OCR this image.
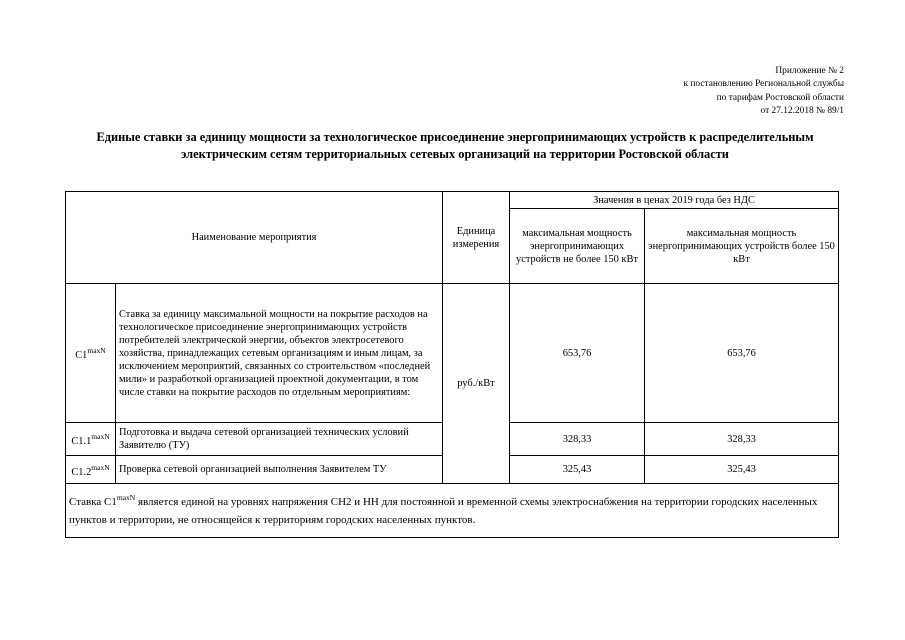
Приложение № 2
к постановлению Региональной службы
по тарифам Ростовской области
от 27.12.2018 № 89/1
Единые ставки за единицу мощности за технологическое присоединение энергопринимающих устройств к распределительным электрическим сетям территориальных сетевых организаций на территории Ростовской области
Наименование мероприятия		Единица измерения	Значения в ценах 2019 года без НДС	
			максимальная мощность энергопринимающих устройств не более 150 кВт	максимальная мощность энергопринимающих устройств более 150 кВт
$C1^{maxN}$	Ставка за единицу максимальной мощности на покрытие расходов на технологическое присоединение энергопринимающих устройств потребителей электрической энергии, объектов электросетевого хозяйства, принадлежащих сетевым организациям и иным лицам, за исключением мероприятий, связанных со строительством «последней мили» и разработкой организацией проектной документации, в том числе ставки на покрытие расходов по отдельным мероприятиям:	руб./кВт	653,76	653,76
$C1.1^{maxN}$	Подготовка и выдача сетевой организацией технических условий Заявителю (ТУ)		328,33	328,33
$C1.2^{maxN}$	Проверка сетевой организацией выполнения Заявителем ТУ		325,43	325,43
Ставка $C1^{maxN}$ является единой на уровнях напряжения СН2 и НН для постоянной и временной схемы электроснабжения на территории городских населенных пунктов и территории, не относящейся к территориям городских населенных пунктов.				
